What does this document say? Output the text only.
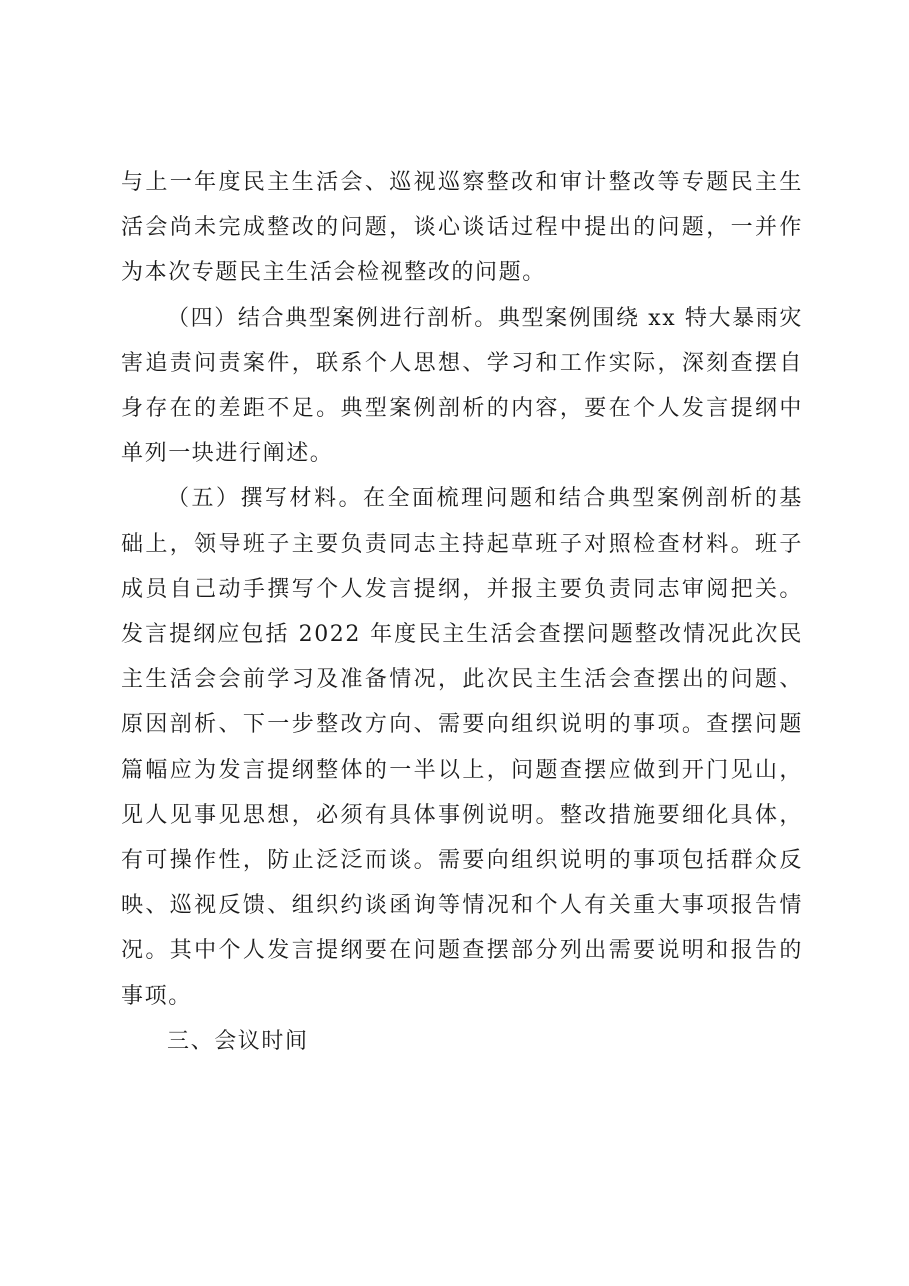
与上一年度民主生活会、巡视巡察整改和审计整改等专题民主生活会尚未完成整改的问题，谈心谈话过程中提出的问题，一并作为本次专题民主生活会检视整改的问题。

（四）结合典型案例进行剖析。典型案例围绕 xx 特大暴雨灾害追责问责案件，联系个人思想、学习和工作实际，深刻查摆自身存在的差距不足。典型案例剖析的内容，要在个人发言提纲中单列一块进行阐述。

（五）撰写材料。在全面梳理问题和结合典型案例剖析的基础上，领导班子主要负责同志主持起草班子对照检查材料。班子成员自己动手撰写个人发言提纲，并报主要负责同志审阅把关。发言提纲应包括 2022 年度民主生活会查摆问题整改情况此次民主生活会会前学习及准备情况，此次民主生活会查摆出的问题、原因剖析、下一步整改方向、需要向组织说明的事项。查摆问题篇幅应为发言提纲整体的一半以上，问题查摆应做到开门见山，见人见事见思想，必须有具体事例说明。整改措施要细化具体，有可操作性，防止泛泛而谈。需要向组织说明的事项包括群众反映、巡视反馈、组织约谈函询等情况和个人有关重大事项报告情况。其中个人发言提纲要在问题查摆部分列出需要说明和报告的事项。

三、会议时间
